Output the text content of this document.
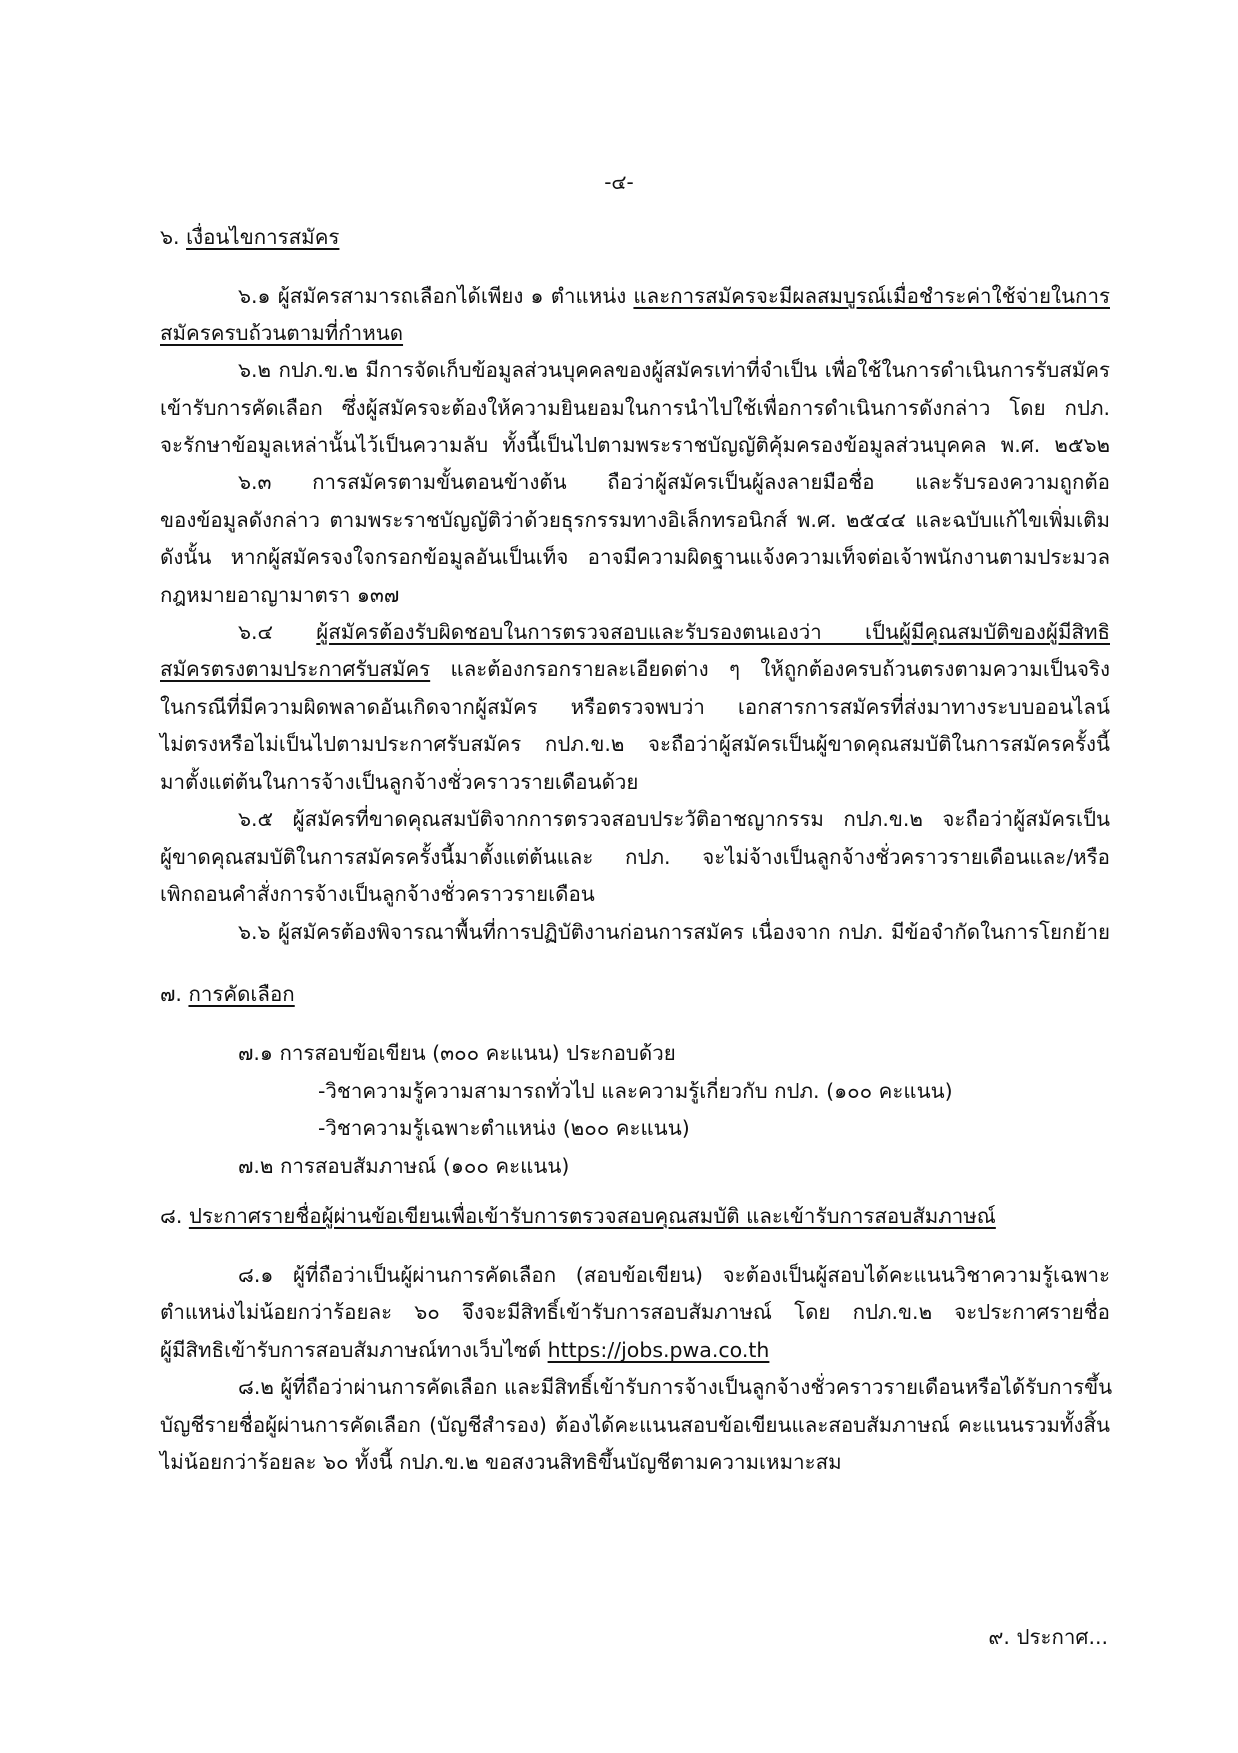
-๔-
๖. เงื่อนไขการสมัคร
๖.๑ ผู้สมัครสามารถเลือกได้เพียง ๑ ตำแหน่ง และการสมัครจะมีผลสมบูรณ์เมื่อชำระค่าใช้จ่ายในการ
สมัครครบถ้วนตามที่กำหนด
๖.๒ กปภ.ข.๒ มีการจัดเก็บข้อมูลส่วนบุคคลของผู้สมัครเท่าที่จำเป็น เพื่อใช้ในการดำเนินการรับสมัคร
เข้ารับการคัดเลือก ซึ่งผู้สมัครจะต้องให้ความยินยอมในการนำไปใช้เพื่อการดำเนินการดังกล่าว โดย กปภ.
จะรักษาข้อมูลเหล่านั้นไว้เป็นความลับ ทั้งนี้เป็นไปตามพระราชบัญญัติคุ้มครองข้อมูลส่วนบุคคล พ.ศ. ๒๕๖๒
๖.๓ การสมัครตามขั้นตอนข้างต้น ถือว่าผู้สมัครเป็นผู้ลงลายมือชื่อ และรับรองความถูกต้อ
ของข้อมูลดังกล่าว ตามพระราชบัญญัติว่าด้วยธุรกรรมทางอิเล็กทรอนิกส์ พ.ศ. ๒๕๔๔ และฉบับแก้ไขเพิ่มเติม
ดังนั้น หากผู้สมัครจงใจกรอกข้อมูลอันเป็นเท็จ อาจมีความผิดฐานแจ้งความเท็จต่อเจ้าพนักงานตามประมวล
กฎหมายอาญามาตรา ๑๓๗
๖.๔ ผู้สมัครต้องรับผิดชอบในการตรวจสอบและรับรองตนเองว่า เป็นผู้มีคุณสมบัติของผู้มีสิทธิ
สมัครตรงตามประกาศรับสมัคร และต้องกรอกรายละเอียดต่าง ๆ ให้ถูกต้องครบถ้วนตรงตามความเป็นจริง
ในกรณีที่มีความผิดพลาดอันเกิดจากผู้สมัคร หรือตรวจพบว่า เอกสารการสมัครที่ส่งมาทางระบบออนไลน์
ไม่ตรงหรือไม่เป็นไปตามประกาศรับสมัคร กปภ.ข.๒ จะถือว่าผู้สมัครเป็นผู้ขาดคุณสมบัติในการสมัครครั้งนี้
มาตั้งแต่ต้นในการจ้างเป็นลูกจ้างชั่วคราวรายเดือนด้วย
๖.๕ ผู้สมัครที่ขาดคุณสมบัติจากการตรวจสอบประวัติอาชญากรรม กปภ.ข.๒ จะถือว่าผู้สมัครเป็น
ผู้ขาดคุณสมบัติในการสมัครครั้งนี้มาตั้งแต่ต้นและ กปภ. จะไม่จ้างเป็นลูกจ้างชั่วคราวรายเดือนและ/หรือ
เพิกถอนคำสั่งการจ้างเป็นลูกจ้างชั่วคราวรายเดือน
๖.๖ ผู้สมัครต้องพิจารณาพื้นที่การปฏิบัติงานก่อนการสมัคร เนื่องจาก กปภ. มีข้อจำกัดในการโยกย้าย
๗. การคัดเลือก
๗.๑ การสอบข้อเขียน (๓๐๐ คะแนน) ประกอบด้วย
-วิชาความรู้ความสามารถทั่วไป และความรู้เกี่ยวกับ กปภ. (๑๐๐ คะแนน)
-วิชาความรู้เฉพาะตำแหน่ง (๒๐๐ คะแนน)
๗.๒ การสอบสัมภาษณ์ (๑๐๐ คะแนน)
๘. ประกาศรายชื่อผู้ผ่านข้อเขียนเพื่อเข้ารับการตรวจสอบคุณสมบัติ และเข้ารับการสอบสัมภาษณ์
๘.๑ ผู้ที่ถือว่าเป็นผู้ผ่านการคัดเลือก (สอบข้อเขียน) จะต้องเป็นผู้สอบได้คะแนนวิชาความรู้เฉพาะ
ตำแหน่งไม่น้อยกว่าร้อยละ ๖๐ จึงจะมีสิทธิ์เข้ารับการสอบสัมภาษณ์ โดย กปภ.ข.๒ จะประกาศรายชื่อ
ผู้มีสิทธิเข้ารับการสอบสัมภาษณ์ทางเว็บไซต์ https://jobs.pwa.co.th
๘.๒ ผู้ที่ถือว่าผ่านการคัดเลือก และมีสิทธิ์เข้ารับการจ้างเป็นลูกจ้างชั่วคราวรายเดือนหรือได้รับการขึ้น
บัญชีรายชื่อผู้ผ่านการคัดเลือก (บัญชีสำรอง) ต้องได้คะแนนสอบข้อเขียนและสอบสัมภาษณ์ คะแนนรวมทั้งสิ้น
ไม่น้อยกว่าร้อยละ ๖๐ ทั้งนี้ กปภ.ข.๒ ขอสงวนสิทธิขึ้นบัญชีตามความเหมาะสม
๙. ประกาศ...
